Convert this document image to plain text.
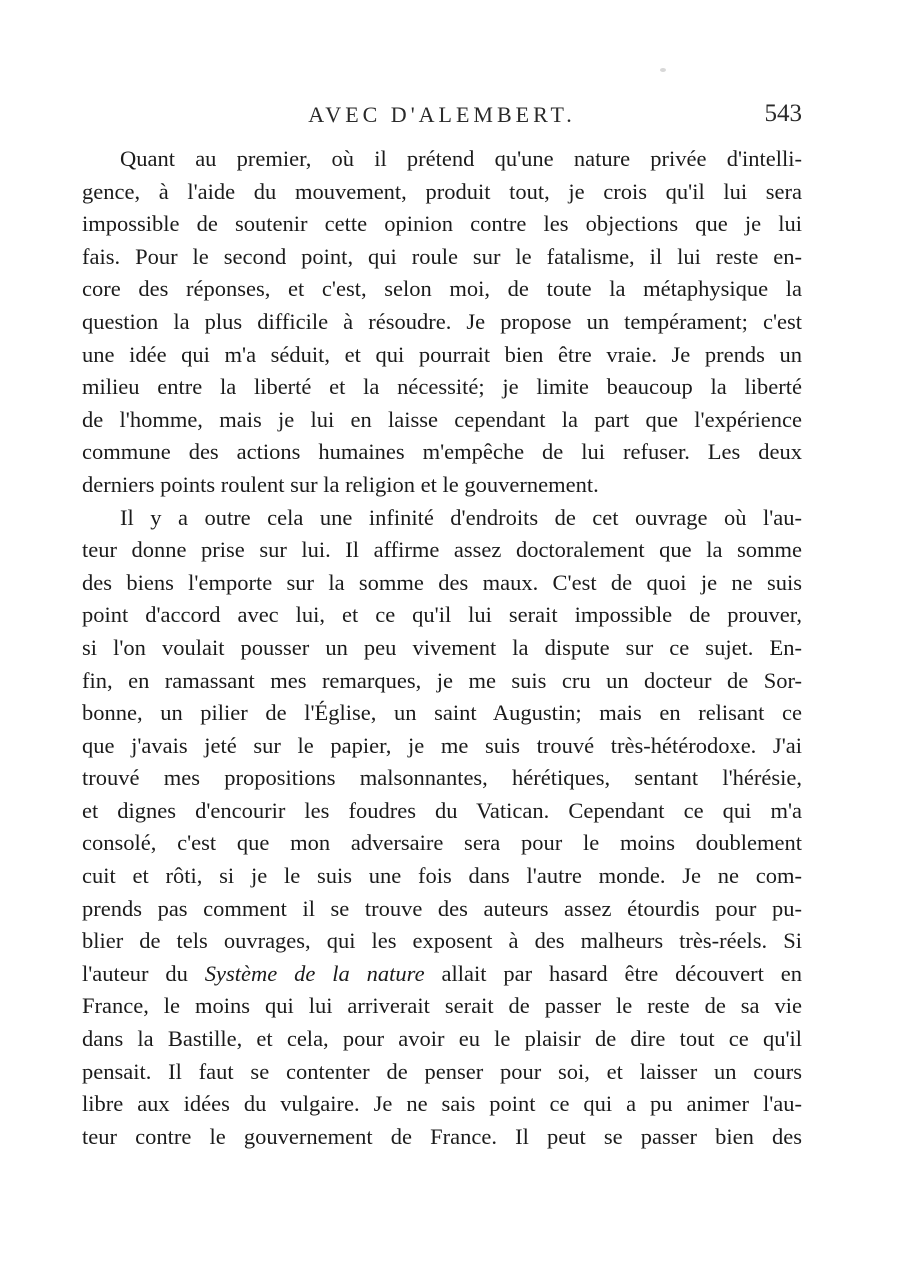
AVEC D'ALEMBERT.	543
Quant au premier, où il prétend qu'une nature privée d'intelli-
gence, à l'aide du mouvement, produit tout, je crois qu'il lui sera
impossible de soutenir cette opinion contre les objections que je lui
fais. Pour le second point, qui roule sur le fatalisme, il lui reste en-
core des réponses, et c'est, selon moi, de toute la métaphysique la
question la plus difficile à résoudre. Je propose un tempérament; c'est
une idée qui m'a séduit, et qui pourrait bien être vraie. Je prends un
milieu entre la liberté et la nécessité; je limite beaucoup la liberté
de l'homme, mais je lui en laisse cependant la part que l'expérience
commune des actions humaines m'empêche de lui refuser. Les deux
derniers points roulent sur la religion et le gouvernement.
Il y a outre cela une infinité d'endroits de cet ouvrage où l'au-
teur donne prise sur lui. Il affirme assez doctoralement que la somme
des biens l'emporte sur la somme des maux. C'est de quoi je ne suis
point d'accord avec lui, et ce qu'il lui serait impossible de prouver,
si l'on voulait pousser un peu vivement la dispute sur ce sujet. En-
fin, en ramassant mes remarques, je me suis cru un docteur de Sor-
bonne, un pilier de l'Église, un saint Augustin; mais en relisant ce
que j'avais jeté sur le papier, je me suis trouvé très-hétérodoxe. J'ai
trouvé mes propositions malsonnantes, hérétiques, sentant l'hérésie,
et dignes d'encourir les foudres du Vatican. Cependant ce qui m'a
consolé, c'est que mon adversaire sera pour le moins doublement
cuit et rôti, si je le suis une fois dans l'autre monde. Je ne com-
prends pas comment il se trouve des auteurs assez étourdis pour pu-
blier de tels ouvrages, qui les exposent à des malheurs très-réels. Si
l'auteur du Système de la nature allait par hasard être découvert en
France, le moins qui lui arriverait serait de passer le reste de sa vie
dans la Bastille, et cela, pour avoir eu le plaisir de dire tout ce qu'il
pensait. Il faut se contenter de penser pour soi, et laisser un cours
libre aux idées du vulgaire. Je ne sais point ce qui a pu animer l'au-
teur contre le gouvernement de France. Il peut se passer bien des
